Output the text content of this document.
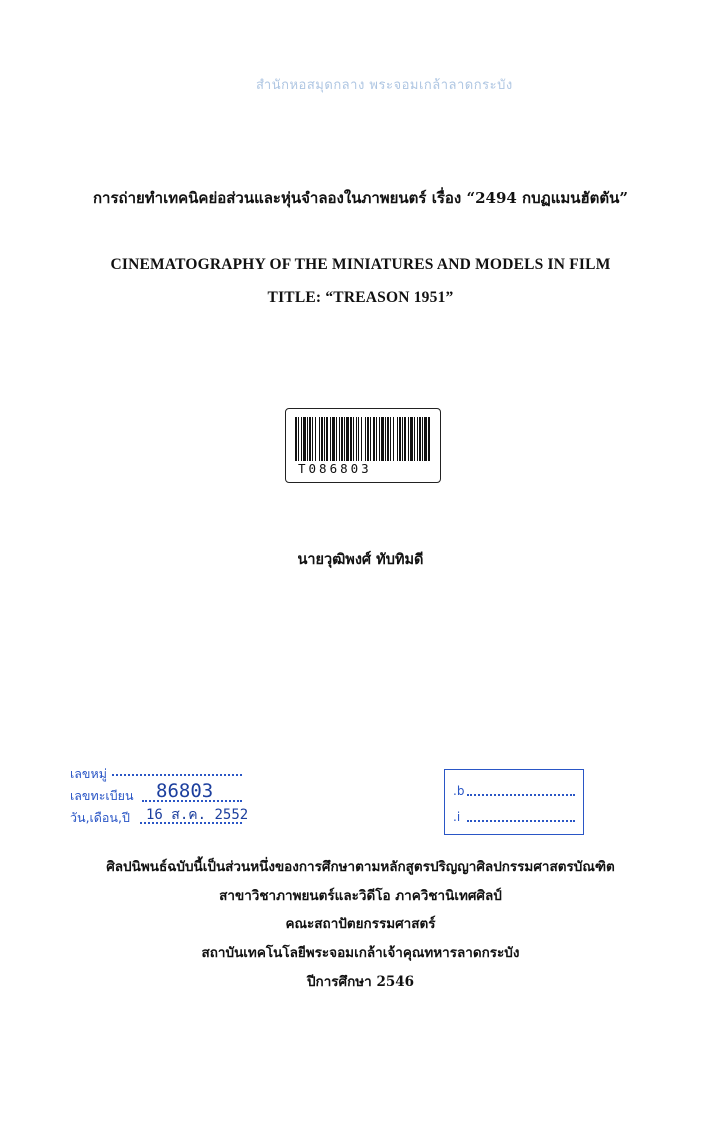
สำนักหอสมุดกลาง พระจอมเกล้าลาดกระบัง
การถ่ายทำเทคนิคย่อส่วนและหุ่นจำลองในภาพยนตร์ เรื่อง “2494 กบฏแมนฮัตตัน”
CINEMATOGRAPHY OF THE MINIATURES AND MODELS IN FILM
TITLE: “TREASON 1951”
T086803
นายวุฒิพงศ์ ทับทิมดี
เลขหมู่
เลขทะเบียน 86803
วัน,เดือน,ปี 16 ส.ค. 2552
.b
.i
ศิลปนิพนธ์ฉบับนี้เป็นส่วนหนึ่งของการศึกษาตามหลักสูตรปริญญาศิลปกรรมศาสตรบัณฑิต
สาขาวิชาภาพยนตร์และวิดีโอ ภาควิชานิเทศศิลป์
คณะสถาปัตยกรรมศาสตร์
สถาบันเทคโนโลยีพระจอมเกล้าเจ้าคุณทหารลาดกระบัง
ปีการศึกษา 2546
